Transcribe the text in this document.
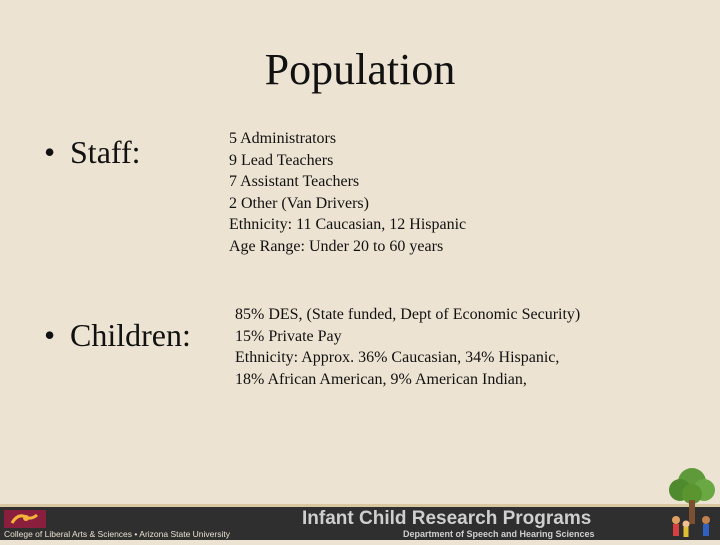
Population
• Staff:	5 Administrators
9 Lead Teachers
7 Assistant Teachers
2 Other (Van Drivers)
Ethnicity: 11 Caucasian, 12 Hispanic
Age Range: Under 20 to 60 years
• Children:
85% DES, (State funded, Dept of Economic Security)
15% Private Pay
Ethnicity: Approx. 36% Caucasian, 34% Hispanic,
18% African American, 9% American Indian,
College of Liberal Arts & Sciences • Arizona State University
Infant Child Research Programs
Department of Speech and Hearing Sciences
